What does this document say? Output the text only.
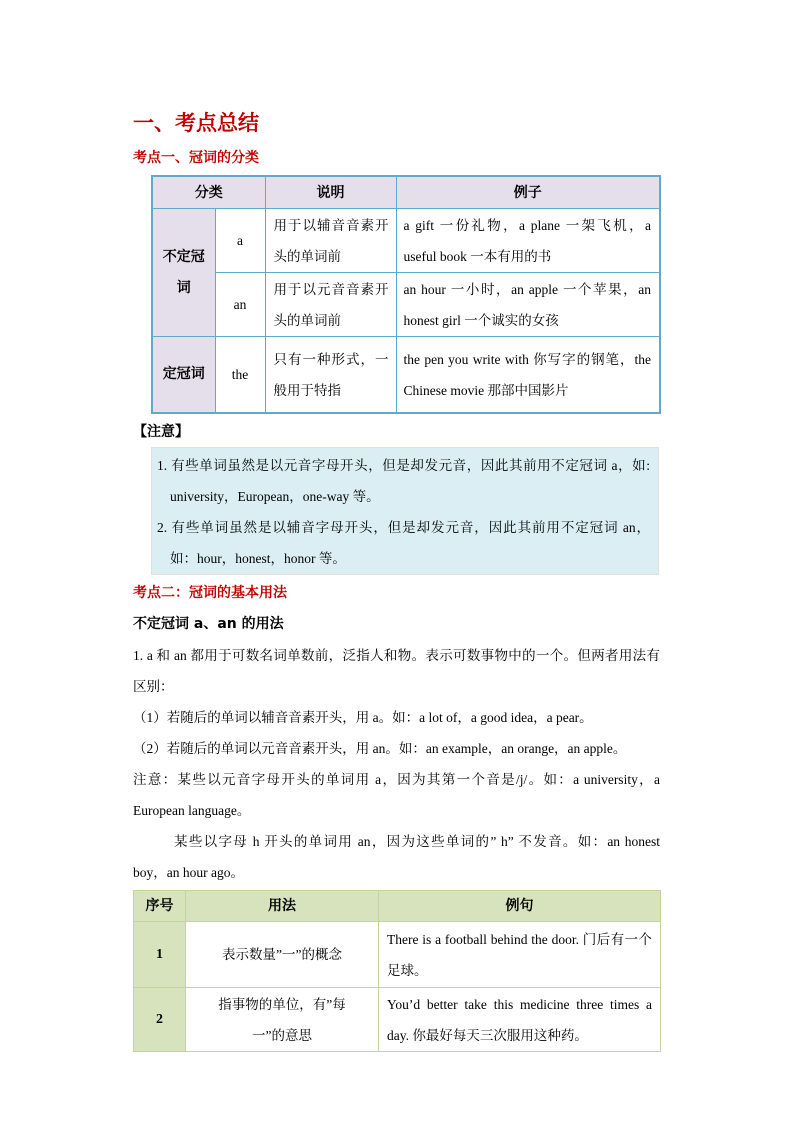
一、考点总结
考点一、冠词的分类
分类		说明	例子
不定冠词	a	用于以辅音音素开头的单词前	a gift 一份礼物，a plane 一架飞机，a useful book 一本有用的书
	an	用于以元音音素开头的单词前	an hour 一小时，an apple 一个苹果，an honest girl 一个诚实的女孩
定冠词	the	只有一种形式，一般用于特指	the pen you write with 你写字的钢笔，the Chinese movie 那部中国影片
【注意】
1. 有些单词虽然是以元音字母开头，但是却发元音，因此其前用不定冠词 a，如:
university，European，one-way 等。
2. 有些单词虽然是以辅音字母开头，但是却发元音，因此其前用不定冠词 an，
如：hour，honest，honor 等。
考点二：冠词的基本用法
不定冠词 a、an 的用法
1. a 和 an 都用于可数名词单数前，泛指人和物。表示可数事物中的一个。但两者用法有
区别：
（1）若随后的单词以辅音音素开头，用 a。如：a lot of，a good idea，a pear。
（2）若随后的单词以元音音素开头，用 an。如：an example，an orange，an apple。
注意：某些以元音字母开头的单词用 a，因为其第一个音是/j/。如：a university，a
European language。
某些以字母 h 开头的单词用 an，因为这些单词的” h” 不发音。如：an honest
boy，an hour ago。
序号	用法	例句
1	表示数量”一”的概念	There is a football behind the door. 门后有一个足球。
2	指事物的单位，有”每一”的意思	You’d better take this medicine three times a day. 你最好每天三次服用这种药。
